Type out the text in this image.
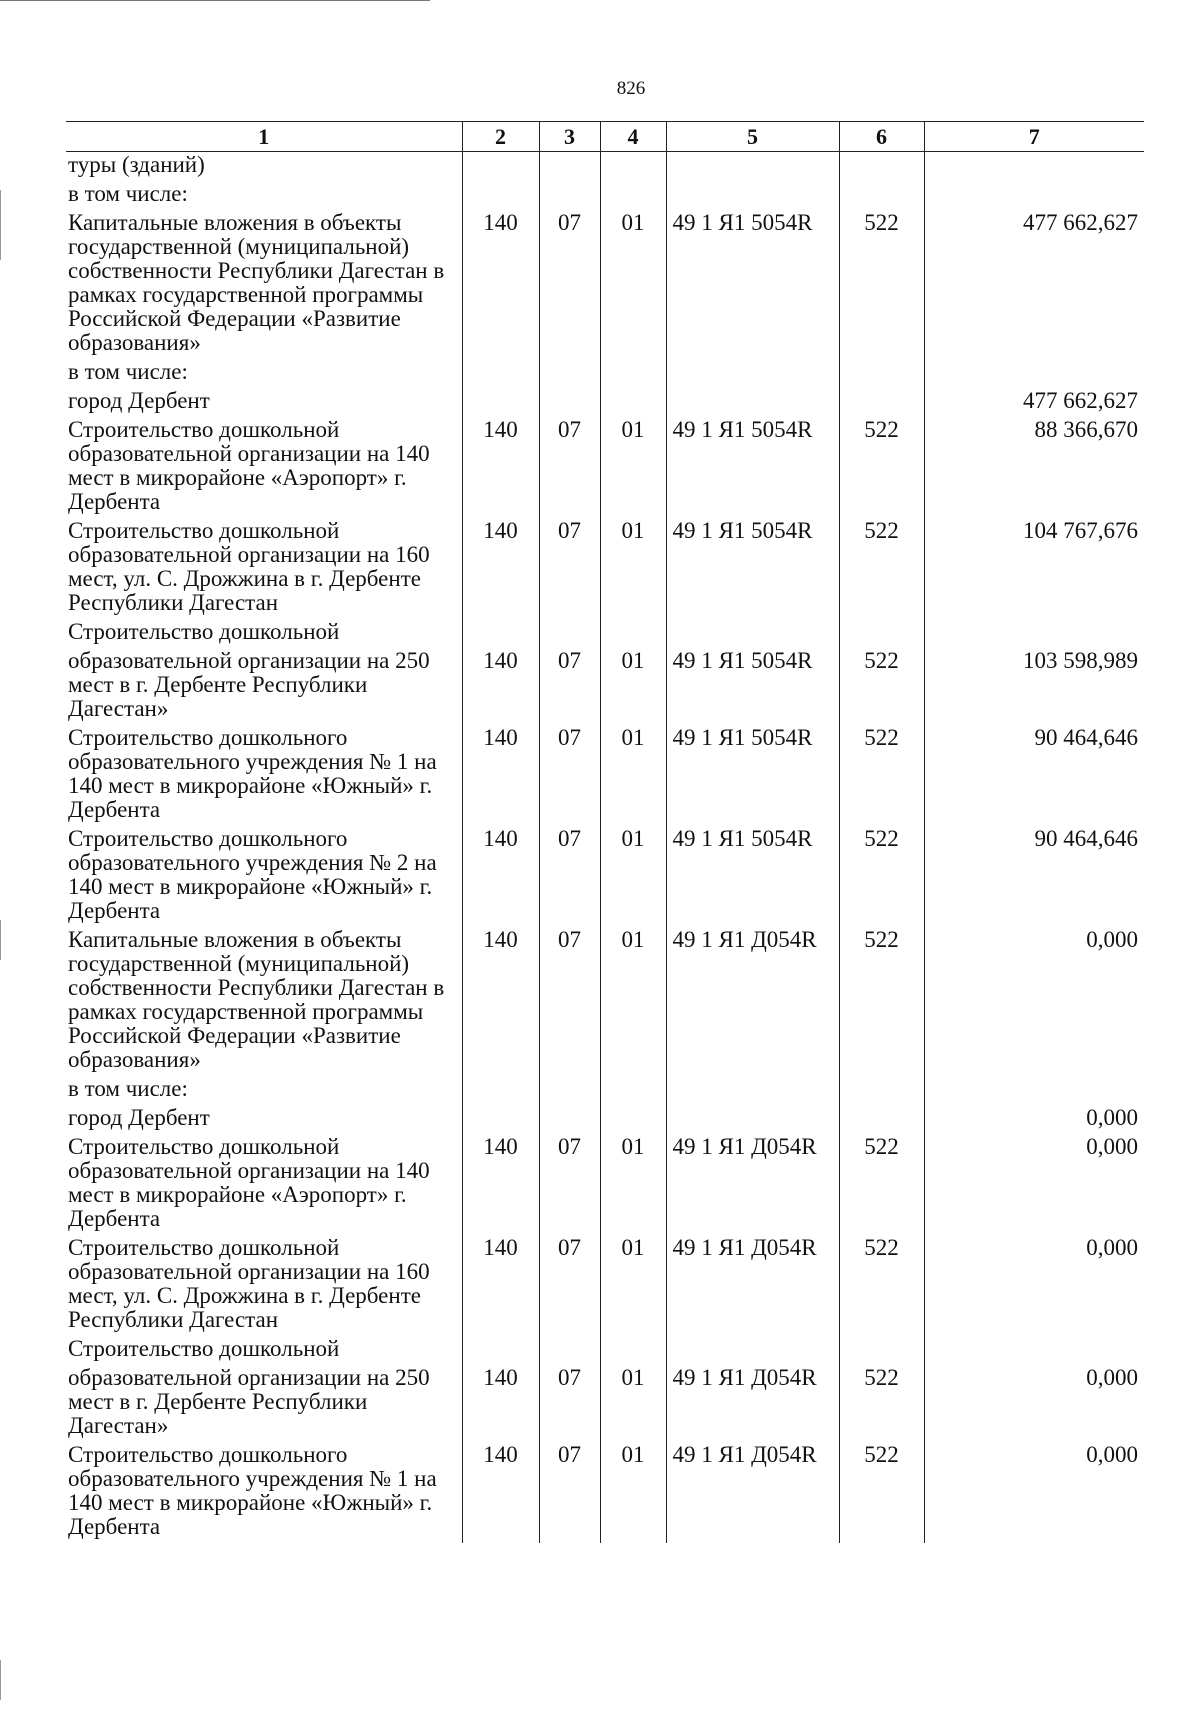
826
1	2	3	4	5	6	7
туры (зданий)						
в том числе:						
Капитальные вложения в объекты государственной (муниципальной) собственности Республики Дагестан в рамках государственной программы Российской Федерации «Развитие образования»	140	07	01	49 1 Я1 5054R	522	477 662,627

в том числе:						
город Дербент						477 662,627

Строительство дошкольной образовательной организации на 140 мест в микрорайоне «Аэропорт» г. Дербента	140	07	01	49 1 Я1 5054R	522	88 366,670

Строительство дошкольной образовательной организации на 160 мест, ул. С. Дрожжина в г. Дербенте Республики Дагестан	140	07	01	49 1 Я1 5054R	522	104 767,676

Строительство дошкольной						
образовательной организации на 250 мест в г. Дербенте Республики Дагестан»	140	07	01	49 1 Я1 5054R	522	103 598,989

Строительство дошкольного образовательного учреждения № 1 на 140 мест в микрорайоне «Южный» г. Дербента	140	07	01	49 1 Я1 5054R	522	90 464,646

Строительство дошкольного образовательного учреждения № 2 на 140 мест в микрорайоне «Южный» г. Дербента	140	07	01	49 1 Я1 5054R	522	90 464,646

Капитальные вложения в объекты государственной (муниципальной) собственности Республики Дагестан в рамках государственной программы Российской Федерации «Развитие образования»	140	07	01	49 1 Я1 Д054R	522	0,000

в том числе:						
город Дербент						0,000

Строительство дошкольной образовательной организации на 140 мест в микрорайоне «Аэропорт» г. Дербента	140	07	01	49 1 Я1 Д054R	522	0,000

Строительство дошкольной образовательной организации на 160 мест, ул. С. Дрожжина в г. Дербенте Республики Дагестан	140	07	01	49 1 Я1 Д054R	522	0,000

Строительство дошкольной						
образовательной организации на 250 мест в г. Дербенте Республики Дагестан»	140	07	01	49 1 Я1 Д054R	522	0,000

Строительство дошкольного образовательного учреждения № 1 на 140 мест в микрорайоне «Южный» г. Дербента	140	07	01	49 1 Я1 Д054R	522	0,000
